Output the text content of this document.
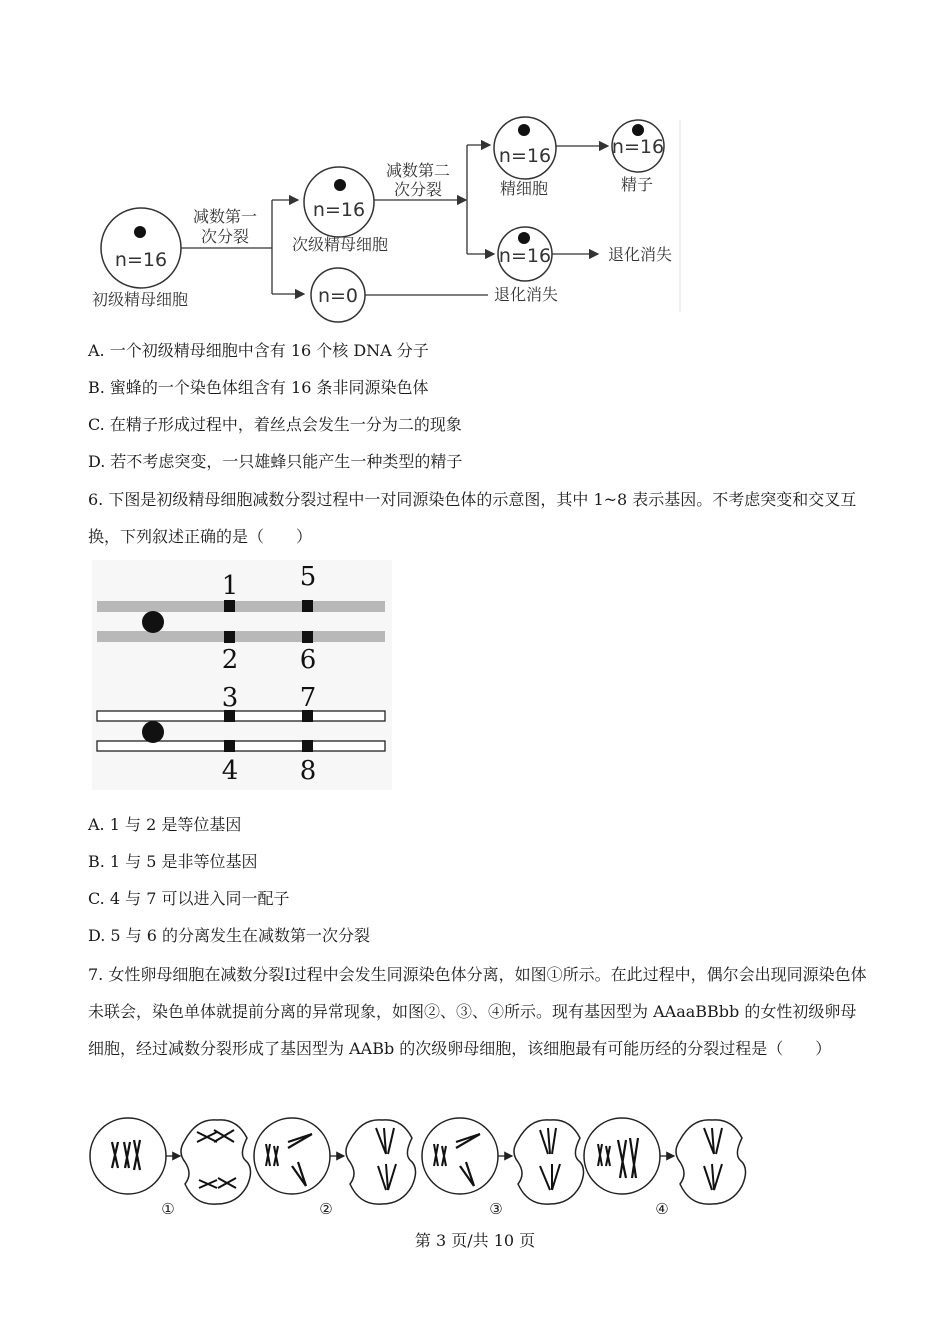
n=16
初级精母细胞
减数第一
次分裂
n=16
次级精母细胞
n=0	退化消失
减数第二
次分裂
n=16
精细胞
n=16
精子
n=16	退化消失
A. 一个初级精母细胞中含有 16 个核 DNA 分子
B. 蜜蜂的一个染色体组含有 16 条非同源染色体
C. 在精子形成过程中，着丝点会发生一分为二的现象
D. 若不考虑突变，一只雄蜂只能产生一种类型的精子
6. 下图是初级精母细胞减数分裂过程中一对同源染色体的示意图，其中 1~8 表示基因。不考虑突变和交叉互换，下列叙述正确的是（　　）
1 5
2 6
3 7
4 8
A. 1 与 2 是等位基因
B. 1 与 5 是非等位基因
C. 4 与 7 可以进入同一配子
D. 5 与 6 的分离发生在减数第一次分裂
7. 女性卵母细胞在减数分裂Ⅰ过程中会发生同源染色体分离，如图①所示。在此过程中，偶尔会出现同源染色体未联会，染色单体就提前分离的异常现象，如图②、③、④所示。现有基因型为 AAaaBBbb 的女性初级卵母细胞，经过减数分裂形成了基因型为 AABb 的次级卵母细胞，该细胞最有可能历经的分裂过程是（　　）
①	②	③	④
第 3 页/共 10 页
